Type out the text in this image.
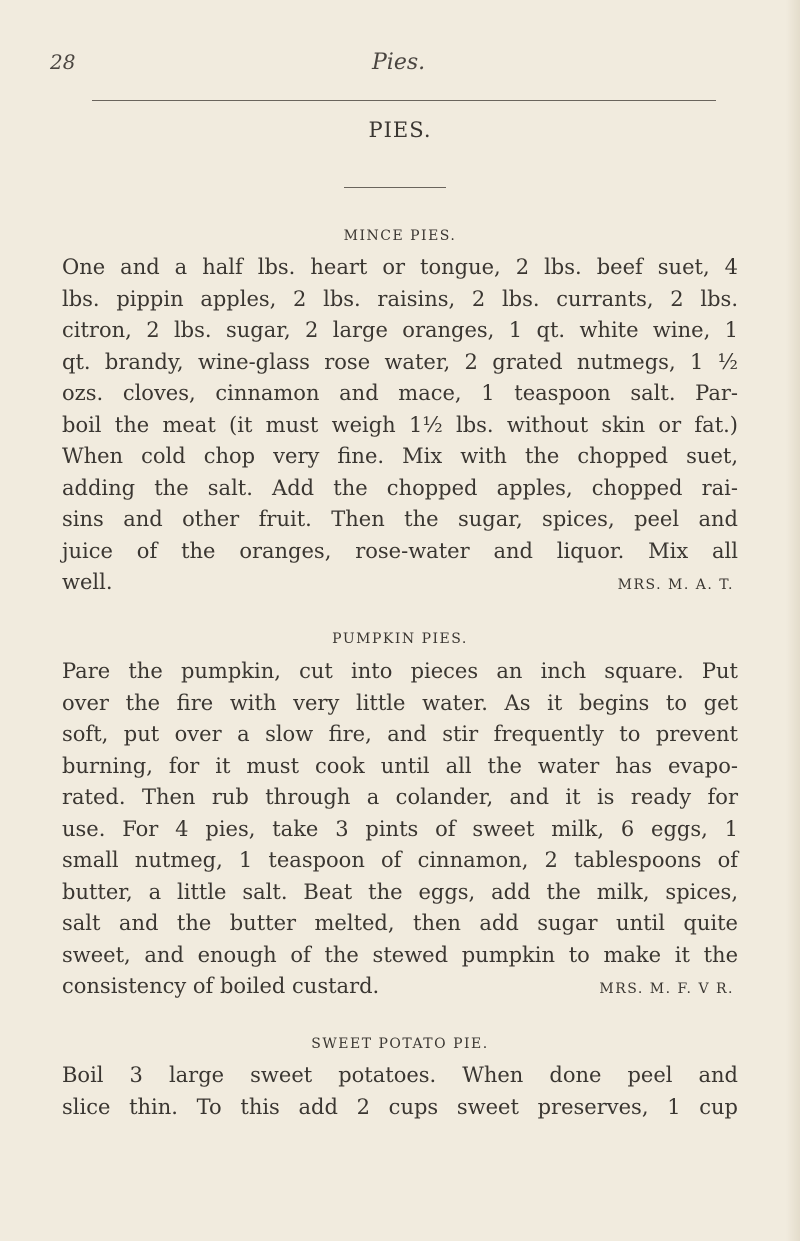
28	Pies.
PIES.
MINCE PIES.
One and a half lbs. heart or tongue, 2 lbs. beef suet, 4
lbs. pippin apples, 2 lbs. raisins, 2 lbs. currants, 2 lbs.
citron, 2 lbs. sugar, 2 large oranges, 1 qt. white wine, 1
qt. brandy, wine-glass rose water, 2 grated nutmegs, 1 ½
ozs. cloves, cinnamon and mace, 1 teaspoon salt. Par-
boil the meat (it must weigh 1½ lbs. without skin or fat.)
When cold chop very fine. Mix with the chopped suet,
adding the salt. Add the chopped apples, chopped rai-
sins and other fruit. Then the sugar, spices, peel and
juice of the oranges, rose-water and liquor. Mix all
well.	MRS. M. A. T.
PUMPKIN PIES.
Pare the pumpkin, cut into pieces an inch square. Put
over the fire with very little water. As it begins to get
soft, put over a slow fire, and stir frequently to prevent
burning, for it must cook until all the water has evapo-
rated. Then rub through a colander, and it is ready for
use. For 4 pies, take 3 pints of sweet milk, 6 eggs, 1
small nutmeg, 1 teaspoon of cinnamon, 2 tablespoons of
butter, a little salt. Beat the eggs, add the milk, spices,
salt and the butter melted, then add sugar until quite
sweet, and enough of the stewed pumpkin to make it the
consistency of boiled custard.	MRS. M. F. V R.
SWEET POTATO PIE.
Boil 3 large sweet potatoes. When done peel and
slice thin. To this add 2 cups sweet preserves, 1 cup
